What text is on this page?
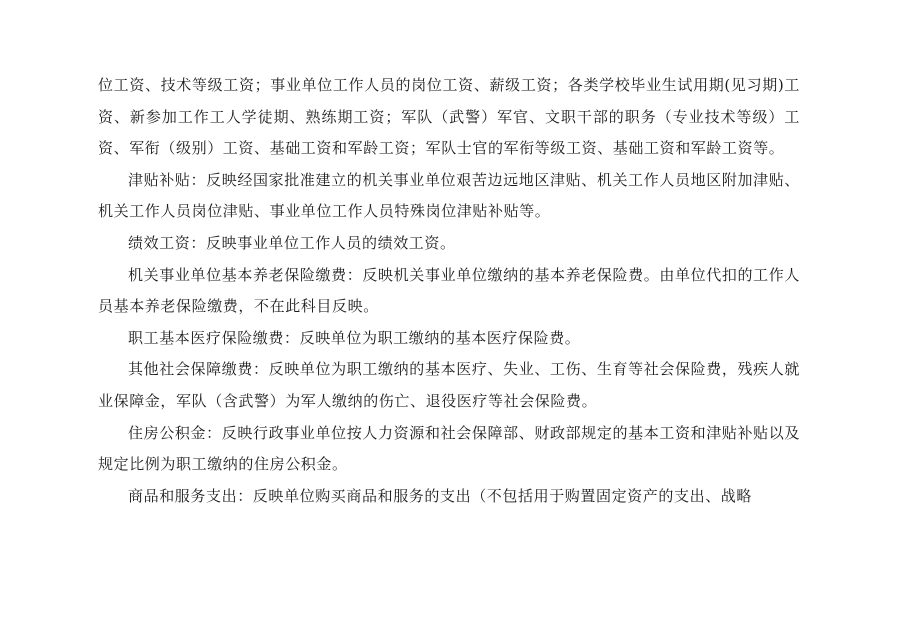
位工资、技术等级工资；事业单位工作人员的岗位工资、薪级工资；各类学校毕业生试用期(见习期)工资、新参加工作工人学徒期、熟练期工资；军队（武警）军官、文职干部的职务（专业技术等级）工资、军衔（级别）工资、基础工资和军龄工资；军队士官的军衔等级工资、基础工资和军龄工资等。

津贴补贴：反映经国家批准建立的机关事业单位艰苦边远地区津贴、机关工作人员地区附加津贴、机关工作人员岗位津贴、事业单位工作人员特殊岗位津贴补贴等。

绩效工资：反映事业单位工作人员的绩效工资。

机关事业单位基本养老保险缴费：反映机关事业单位缴纳的基本养老保险费。由单位代扣的工作人员基本养老保险缴费，不在此科目反映。

职工基本医疗保险缴费：反映单位为职工缴纳的基本医疗保险费。

其他社会保障缴费：反映单位为职工缴纳的基本医疗、失业、工伤、生育等社会保险费，残疾人就业保障金，军队（含武警）为军人缴纳的伤亡、退役医疗等社会保险费。

住房公积金：反映行政事业单位按人力资源和社会保障部、财政部规定的基本工资和津贴补贴以及规定比例为职工缴纳的住房公积金。

商品和服务支出：反映单位购买商品和服务的支出（不包括用于购置固定资产的支出、战略
